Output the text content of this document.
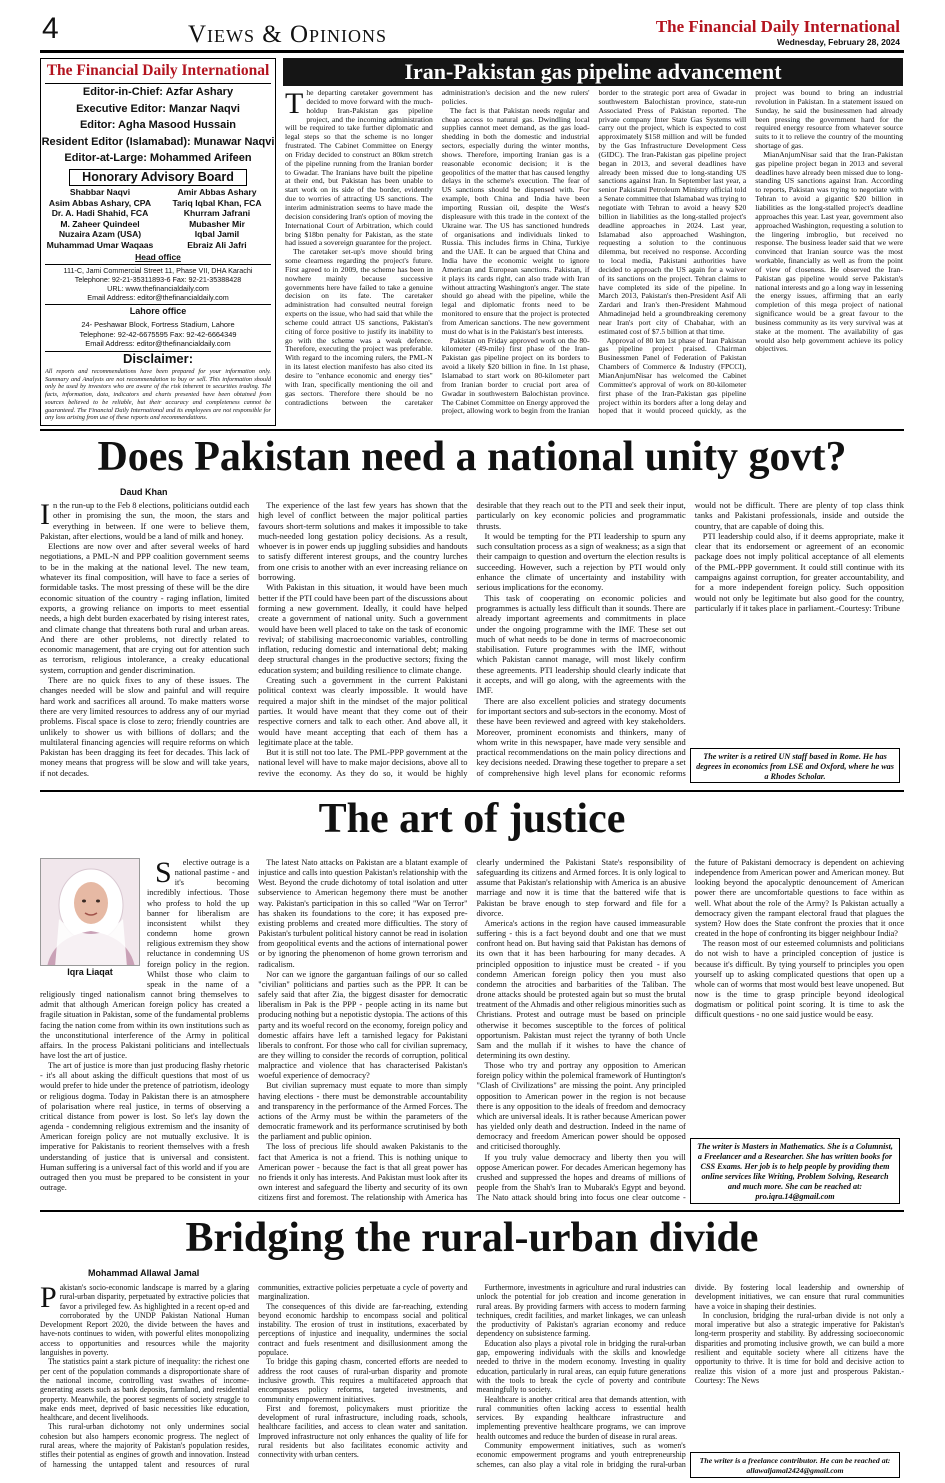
4	Views & Opinions	The Financial Daily International
Wednesday, February 28, 2024
The Financial Daily International
Editor-in-Chief: Azfar Ashary
Executive Editor: Manzar Naqvi
Editor: Agha Masood Hussain
Resident Editor (Islamabad): Munawar Naqvi
Editor-at-Large: Mohammed Arifeen
Honorary Advisory Board
Shabbar Naqvi
Asim Abbas Ashary, CPA
Dr. A. Hadi Shahid, FCA
M. Zaheer Quindeel
Nuzaira Azam (USA)
Muhammad Umar Waqaas
Amir Abbas Ashary
Tariq Iqbal Khan, FCA
Khurram Jafrani
Mubasher Mir
Iqbal Jamil
Ebraiz Ali Jafri
Head office
111-C, Jami Commercial Street 11, Phase VII, DHA Karachi
Telephone: 92-21-35311893-6 Fax: 92-21-35388428
URL: www.thefinancialdaily.com
Email Address: editor@thefinancialdaily.com
Lahore office
24- Peshawar Block, Fortress Stadium, Lahore
Telephone: 92-42-6675595 Fax: 92-42-6664349
Email Address: editor@thefinancialdaily.com
Disclaimer:
All reports and recommendations have been prepared for your information only. Summary and Analysts are not recommendation to buy or sell. This information should only be used by investors who are aware of the risk inherent in securities trading. The facts, information, data, indicators and charts presented have been obtained from sources believed to be reliable, but their accuracy and completeness cannot be guaranteed. The Financial Daily International and its employees are not responsible for any loss arising from use of these reports and recommendations.
Iran-Pakistan gas pipeline advancement

The departing caretaker government has decided to move forward with the much-holdup Iran-Pakistan gas pipeline project, and the incoming administration will be required to take further diplomatic and legal steps so that the scheme is no longer frustrated. The Cabinet Committee on Energy on Friday decided to construct an 80km stretch of the pipeline running from the Iranian border to Gwadar. The Iranians have built the pipeline at their end, but Pakistan has been unable to start work on its side of the border, evidently due to worries of attracting US sanctions. The interim administration seems to have made the decision considering Iran's option of moving the International Court of Arbitration, which could bring $18bn penalty for Pakistan, as the state had issued a sovereign guarantee for the project.

The caretaker set-up's move should bring some clearness regarding the project's future. First agreed to in 2009, the scheme has been in nowhere mainly because successive governments here have failed to take a genuine decision on its fate. The caretaker administration had consulted neutral foreign experts on the issue, who had said that while the scheme could attract US sanctions, Pakistan's citing of force positive to justify its inability to go with the scheme was a weak defence. Therefore, executing the project was preferable. With regard to the incoming rulers, the PML-N in its latest election manifesto has also cited its desire to "enhance economic and energy ties" with Iran, specifically mentioning the oil and gas sectors. Therefore there should be no contradictions between the caretaker administration's decision and the new rulers' policies.

The fact is that Pakistan needs regular and cheap access to natural gas. Dwindling local supplies cannot meet demand, as the gas load-shedding in both the domestic and industrial sectors, especially during the winter months, shows. Therefore, importing Iranian gas is a reasonable economic decision; it is the geopolitics of the matter that has caused lengthy delays in the scheme's execution. The fear of US sanctions should be dispensed with. For example, both China and India have been importing Russian oil, despite the West's displeasure with this trade in the context of the Ukraine war. The US has sanctioned hundreds of organisations and individuals linked to Russia. This includes firms in China, Turkiye and the UAE. It can be argued that China and India have the economic weight to ignore American and European sanctions. Pakistan, if it plays its cards right, can also trade with Iran without attracting Washington's anger. The state should go ahead with the pipeline, while the legal and diplomatic fronts need to be monitored to ensure that the project is protected from American sanctions. The new government must do what is in the Pakistan's best interests.

Pakistan on Friday approved work on the 80-kilometer (49-mile) first phase of the Iran-Pakistan gas pipeline project on its borders to avoid a likely $20 billion in fine. In 1st phase, Islamabad to start work on 80-kilometer part from Iranian border to crucial port area of Gwadar in southwestern Balochistan province. The Cabinet Committee on Energy approved the project, allowing work to begin from the Iranian border to the strategic port area of Gwadar in southwestern Balochistan province, state-run Associated Press of Pakistan reported. The private company Inter State Gas Systems will carry out the project, which is expected to cost approximately $158 million and will be funded by the Gas Infrastructure Development Cess (GIDC). The Iran-Pakistan gas pipeline project began in 2013, and several deadlines have already been missed due to long-standing US sanctions against Iran. In September last year, a senior Pakistani Petroleum Ministry official told a Senate committee that Islamabad was trying to negotiate with Tehran to avoid a heavy $20 billion in liabilities as the long-stalled project's deadline approaches in 2024. Last year, Islamabad also approached Washington, requesting a solution to the continuous dilemma, but received no response. According to local media, Pakistani authorities have decided to approach the US again for a waiver of its sanctions on the project. Tehran claims to have completed its side of the pipeline. In March 2013, Pakistan's then-President Asif Ali Zardari and Iran's then-President Mahmoud Ahmadinejad held a groundbreaking ceremony near Iran's port city of Chabahar, with an estimated cost of $7.5 billion at that time.

Approval of 80 km 1st phase of Iran Pakistan gas pipeline project praised. Chairman Businessmen Panel of Federation of Pakistan Chambers of Commerce & Industry (FPCCI), MianAnjumNisar has welcomed the Cabinet Committee's approval of work on 80-kilometer first phase of the Iran-Pakistan gas pipeline project within its borders after a long delay and hoped that it would proceed quickly, as the project was bound to bring an industrial revolution in Pakistan. In a statement issued on Sunday, he said the businessmen had already been pressing the government hard for the required energy resource from whatever source suits to it to relieve the country of the mounting shortage of gas.

MianAnjumNisar said that the Iran-Pakistan gas pipeline project began in 2013 and several deadlines have already been missed due to long-standing US sanctions against Iran. According to reports, Pakistan was trying to negotiate with Tehran to avoid a gigantic $20 billion in liabilities as the long-stalled project's deadline approaches this year. Last year, government also approached Washington, requesting a solution to the lingering imbroglio, but received no response. The business leader said that we were convinced that Iranian source was the most workable, financially as well as from the point of view of closeness. He observed the Iran-Pakistan gas pipeline would serve Pakistan's national interests and go a long way in lessening the energy issues, affirming that an early completion of this mega project of national significance would be a great favour to the business community as its very survival was at stake at the moment. The availability of gas would also help government achieve its policy objectives.

Does Pakistan need a national unity govt?
Daud Khan

In the run-up to the Feb 8 elections, politicians outdid each other in promising the sun, the moon, the stars and everything in between. If one were to believe them, Pakistan, after elections, would be a land of milk and honey.

Elections are now over and after several weeks of hard negotiations, a PML-N and PPP coalition government seems to be in the making at the national level. The new team, whatever its final composition, will have to face a series of formidable tasks. The most pressing of these will be the dire economic situation of the country - raging inflation, limited exports, a growing reliance on imports to meet essential needs, a high debt burden exacerbated by rising interest rates, and climate change that threatens both rural and urban areas. And there are other problems, not directly related to economic management, that are crying out for attention such as terrorism, religious intolerance, a creaky educational system, corruption and gender discrimination.

There are no quick fixes to any of these issues. The changes needed will be slow and painful and will require hard work and sacrifices all around. To make matters worse there are very limited resources to address any of our myriad problems. Fiscal space is close to zero; friendly countries are unlikely to shower us with billions of dollars; and the multilateral financing agencies will require reforms on which Pakistan has been dragging its feet for decades. This lack of money means that progress will be slow and will take years, if not decades.

The experience of the last few years has shown that the high level of conflict between the major political parties favours short-term solutions and makes it impossible to take much-needed long gestation policy decisions. As a result, whoever is in power ends up juggling subsidies and handouts to satisfy different interest groups, and the country lurches from one crisis to another with an ever increasing reliance on borrowing.

With Pakistan in this situation, it would have been much better if the PTI could have been part of the discussions about forming a new government. Ideally, it could have helped create a government of national unity. Such a government would have been well placed to take on the task of economic revival; of stabilising macroeconomic variables, controlling inflation, reducing domestic and international debt; making deep structural changes in the productive sectors; fixing the education system; and building resilience to climate change.

Creating such a government in the current Pakistani political context was clearly impossible. It would have required a major shift in the mindset of the major political parties. It would have meant that they come out of their respective corners and talk to each other. And above all, it would have meant accepting that each of them has a legitimate place at the table.

But it is still not too late. The PML-PPP government at the national level will have to make major decisions, above all to revive the economy. As they do so, it would be highly desirable that they reach out to the PTI and seek their input, particularly on key economic policies and programmatic thrusts.

It would be tempting for the PTI leadership to spurn any such consultation process as a sign of weakness; as a sign that their campaign to question and overturn the election results is succeeding. However, such a rejection by PTI would only enhance the climate of uncertainty and instability with serious implications for the economy.

This task of cooperating on economic policies and programmes is actually less difficult than it sounds. There are already important agreements and commitments in place under the ongoing programme with the IMF. These set out much of what needs to be done in terms of macroeconomic stabilisation. Future programmes with the IMF, without which Pakistan cannot manage, will most likely confirm these agreements. PTI leadership should clearly indicate that it accepts, and will go along, with the agreements with the IMF.

There are also excellent policies and strategy documents for important sectors and sub-sectors in the economy. Most of these have been reviewed and agreed with key stakeholders. Moreover, prominent economists and thinkers, many of whom write in this newspaper, have made very sensible and practical recommendations on the main policy directions and key decisions needed. Drawing these together to prepare a set of comprehensive high level plans for economic reforms would not be difficult. There are plenty of top class think tanks and Pakistani professionals, inside and outside the country, that are capable of doing this.

PTI leadership could also, if it deems appropriate, make it clear that its endorsement or agreement of an economic package does not imply political acceptance of all elements of the PML-PPP government. It could still continue with its campaigns against corruption, for greater accountability, and for a more independent foreign policy. Such opposition would not only be legitimate but also good for the country, particularly if it takes place in parliament.-Courtesy: Tribune

The writer is a retired UN staff based in Rome. He has degrees in economics from LSE and Oxford, where he was a Rhodes Scholar.
The art of justice
Iqra Liaqat

Selective outrage is a national pastime - and it's becoming incredibly infectious. Those who profess to hold the up banner for liberalism are inconsistent whilst they condemn home grown religious extremism they show reluctance in condemning US foreign policy in the region. Whilst those who claim to speak in the name of a religiously tinged nationalism cannot bring themselves to admit that although American foreign policy has created a fragile situation in Pakistan, some of the fundamental problems facing the nation come from within its own institutions such as the unconstitutional interference of the Army in political affairs. In the process Pakistani politicians and intellectuals have lost the art of justice.

The art of justice is more than just producing flashy rhetoric - it's all about asking the difficult questions that most of us would prefer to hide under the pretence of patriotism, ideology or religious dogma. Today in Pakistan there is an atmosphere of polarisation where real justice, in terms of observing a critical distance from power is lost. So let's lay down the agenda - condemning religious extremism and the insanity of American foreign policy are not mutually exclusive. It is imperative for Pakistanis to reorient themselves with a fresh understanding of justice that is universal and consistent. Human suffering is a universal fact of this world and if you are outraged then you must be prepared to be consistent in your outrage.

The latest Nato attacks on Pakistan are a blatant example of injustice and calls into question Pakistan's relationship with the West. Beyond the crude dichotomy of total isolation and utter subservience to American hegemony there must be another way. Pakistan's participation in this so called "War on Terror" has shaken its foundations to the core; it has exposed pre-existing problems and created more difficulties. The story of Pakistan's turbulent political history cannot be read in isolation from geopolitical events and the actions of international power or by ignoring the phenomenon of home grown terrorism and radicalism.

Nor can we ignore the gargantuan failings of our so called "civilian" politicians and parties such as the PPP. It can be safely said that after Zia, the biggest disaster for democratic liberalism in Pak is the PPP - people acting in its name but producing nothing but a nepotistic dystopia. The actions of this party and its woeful record on the economy, foreign policy and domestic affairs have left a tarnished legacy for Pakistani liberals to confront. For those who call for civilian supremacy, are they willing to consider the records of corruption, political malpractice and violence that has characterised Pakistan's woeful experience of democracy?

But civilian supremacy must equate to more than simply having elections - there must be demonstrable accountability and transparency in the performance of the Armed Forces. The actions of the Army must be within the parameters of the democratic framework and its performance scrutinised by both the parliament and public opinion.

The loss of precious life should awaken Pakistanis to the fact that America is not a friend. This is nothing unique to American power - because the fact is that all great power has no friends it only has interests. And Pakistan must look after its own interest and safeguard the liberty and security of its own citizens first and foremost. The relationship with America has clearly undermined the Pakistani State's responsibility of safeguarding its citizens and Armed forces. It is only logical to assume that Pakistan's relationship with America is an abusive marriage and now it is time that the battered wife that is Pakistan be brave enough to step forward and file for a divorce.

America's actions in the region have caused immeasurable suffering - this is a fact beyond doubt and one that we must confront head on. But having said that Pakistan has demons of its own that it has been harbouring for many decades. A principled opposition to injustice must be created - if you condemn American foreign policy then you must also condemn the atrocities and barbarities of the Taliban. The drone attacks should be protested again but so must the brutal treatment of the Ahmadis and other religious minorities such as Christians. Protest and outrage must be based on principle otherwise it becomes susceptible to the forces of political opportunism. Pakistan must reject the tyranny of both Uncle Sam and the mullah if it wishes to have the chance of determining its own destiny.

Those who try and portray any opposition to American foreign policy within the polemical framework of Huntington's "Clash of Civilizations" are missing the point. Any principled opposition to American power in the region is not because there is any opposition to the ideals of freedom and democracy which are universal ideals. It is rather because American power has yielded only death and destruction. Indeed in the name of democracy and freedom American power should be opposed and criticised thoroughly.

If you truly value democracy and liberty then you will oppose American power. For decades American hegemony has crushed and suppressed the hopes and dreams of millions of people from the Shah's Iran to Mubarak's Egypt and beyond. The Nato attack should bring into focus one clear outcome - the future of Pakistani democracy is dependent on achieving independence from American power and American money. But looking beyond the apocalyptic denouncement of American power there are uncomfortable questions to face within as well. What about the role of the Army? Is Pakistan actually a democracy given the rampant electoral fraud that plagues the system? How does the State confront the proxies that it once created in the hope of confronting its bigger neighbour India?

The reason most of our esteemed columnists and politicians do not wish to have a principled conception of justice is because it's difficult. By tying yourself to principles you open yourself up to asking complicated questions that open up a whole can of worms that most would best leave unopened. But now is the time to grasp principle beyond ideological dogmatism or political point scoring. It is time to ask the difficult questions - no one said justice would be easy.

The writer is Masters in Mathematics. She is a Columnist, a Freelancer and a Researcher. She has written books for CSS Exams. Her job is to help people by providing them online services like Writing, Problem Solving, Research and much more. She can be reached at: pro.iqra.14@gmail.com
Bridging the rural-urban divide
Mohammad Allawal Jamal

Pakistan's socio-economic landscape is marred by a glaring rural-urban disparity, perpetuated by extractive policies that favor a privileged few. As highlighted in a recent op-ed and corroborated by the UNDP Pakistan National Human Development Report 2020, the divide between the haves and have-nots continues to widen, with powerful elites monopolizing access to opportunities and resources while the majority languishes in poverty.

The statistics paint a stark picture of inequality: the richest one per cent of the population commands a disproportionate share of the national income, controlling vast swathes of income-generating assets such as bank deposits, farmland, and residential property. Meanwhile, the poorest segments of society struggle to make ends meet, deprived of basic necessities like education, healthcare, and decent livelihoods.

This rural-urban dichotomy not only undermines social cohesion but also hampers economic progress. The neglect of rural areas, where the majority of Pakistan's population resides, stifles their potential as engines of growth and innovation. Instead of harnessing the untapped talent and resources of rural communities, extractive policies perpetuate a cycle of poverty and marginalization.

The consequences of this divide are far-reaching, extending beyond economic hardship to encompass social and political instability. The erosion of trust in institutions, exacerbated by perceptions of injustice and inequality, undermines the social contract and fuels resentment and disillusionment among the populace.

To bridge this gaping chasm, concerted efforts are needed to address the root causes of rural-urban disparity and promote inclusive growth. This requires a multifaceted approach that encompasses policy reforms, targeted investments, and community empowerment initiatives.

First and foremost, policymakers must prioritize the development of rural infrastructure, including roads, schools, healthcare facilities, and access to clean water and sanitation. Improved infrastructure not only enhances the quality of life for rural residents but also facilitates economic activity and connectivity with urban centers.

Furthermore, investments in agriculture and rural industries can unlock the potential for job creation and income generation in rural areas. By providing farmers with access to modern farming techniques, credit facilities, and market linkages, we can unleash the productivity of Pakistan's agrarian economy and reduce dependency on subsistence farming.

Education also plays a pivotal role in bridging the rural-urban gap, empowering individuals with the skills and knowledge needed to thrive in the modern economy. Investing in quality education, particularly in rural areas, can equip future generations with the tools to break the cycle of poverty and contribute meaningfully to society.

Healthcare is another critical area that demands attention, with rural communities often lacking access to essential health services. By expanding healthcare infrastructure and implementing preventive healthcare programs, we can improve health outcomes and reduce the burden of disease in rural areas.

Community empowerment initiatives, such as women's economic empowerment programs and youth entrepreneurship schemes, can also play a vital role in bridging the rural-urban divide. By fostering local leadership and ownership of development initiatives, we can ensure that rural communities have a voice in shaping their destinies.

In conclusion, bridging the rural-urban divide is not only a moral imperative but also a strategic imperative for Pakistan's long-term prosperity and stability. By addressing socioeconomic disparities and promoting inclusive growth, we can build a more resilient and equitable society where all citizens have the opportunity to thrive. It is time for bold and decisive action to realize this vision of a more just and prosperous Pakistan.-Courtesy: The News

The writer is a freelance contributor. He can be reached at: allawaljamal2424@gmail.com
